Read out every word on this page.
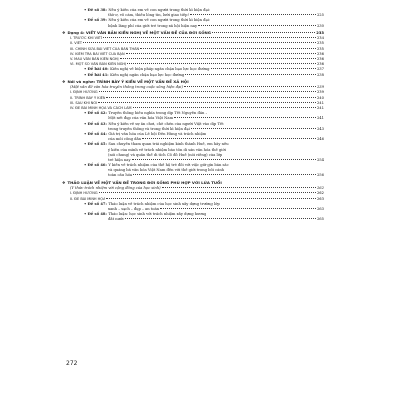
• Đề số 38: Nêu ý kiến của em về con người trong thời kì hiện đại:
thờ ơ, vô cảm, thiếu lòng tin, lười giao tiếp!	225
• Đề số 39: Nêu ý kiến của em về con người trong thời kì hiện đại:
bệnh lãng phí của giới trẻ trong xã hội hiện nay	230
❖ Dạng 4: VIẾT VĂN BẢN KIẾN NGHỊ VỀ MỘT VẤN ĐỀ CỦA ĐỜI SỐNG	233
I. TRƯỚC KHI VIẾT	234
II. VIẾT	235
III. CHỈNH SỬA BÀI VIẾT CỦA BẢN THÂN	235
IV. KIỂM TRA BÀI VIẾT CỦA BẠN	236
V. MẪU VĂN BẢN KIẾN NGHỊ	236
VI. MỘT SỐ VĂN BẢN KIẾN NGHỊ	236
• Đề bài 40: Kiến nghị về biện pháp ngăn chặn bạo lực học đường	237
• Đề bài 41: Kiến nghị ngăn chặn bạo lực học đường	238
❖ Nói và nghe: TRÌNH BÀY Ý KIẾN VỀ MỘT VẤN ĐỀ XÃ HỘI
(Một vấn đề văn hóa truyền thống trong cuộc sống hiện đại)	239
I. ĐỊNH HƯỚNG	239
II. TRÌNH BÀY Ý KIẾN	240
III. SAU KHI NÓI	241
IV. ĐỀ BÀI MINH HỌA VÀ CÁCH LÀM	241
• Đề số 42: Truyền thống hiếu nghĩa trong dịp Tết Nguyên đán –
Một nét đẹp của văn hóa Việt Nam	241
• Đề số 43: Nêu ý kiến về sự ăn chơi, chè chén của người Việt vào dịp Tết
trong truyền thống và trong thời kì hiện đại	243
• Đề số 44: Giá trị văn hóa của Lễ hội Đền Hùng và trách nhiệm
của mỗi công dân	246
• Đề số 45: Sau chuyến tham quan trải nghiệm kinh thành Huế, em hãy nêu
ý kiến của mình về trách nhiệm bảo tồn di sản văn hóa thế giới
(nói chung) và quần thể di tích Cố đô Huế (nói riêng) của lớp
trẻ hiện nay	254
• Đề số 46: Ý kiến về trách nhiệm của thế hệ trẻ đối với việc giữ gìn bản sắc
và quảng bá văn hóa Việt Nam đến với thế giới trong bối cảnh
toàn cầu hóa	256
❖ THẢO LUẬN VỀ MỘT VẤN ĐỀ TRONG ĐỜI SỐNG PHÙ HỢP VỚI LỨA TUỔI
(Ý thức trách nhiệm với cộng đồng của học sinh)	262
I. ĐỊNH HƯỚNG	262
II. ĐỀ BÀI MINH HỌA	263
• Đề số 47: Thảo luận về trách nhiệm của học sinh xây dựng trường lớp
xanh – sạch – đẹp – an toàn	263
• Đề số 48: Thảo luận: học sinh với trách nhiệm xây dựng hương
đất nước	265
272
